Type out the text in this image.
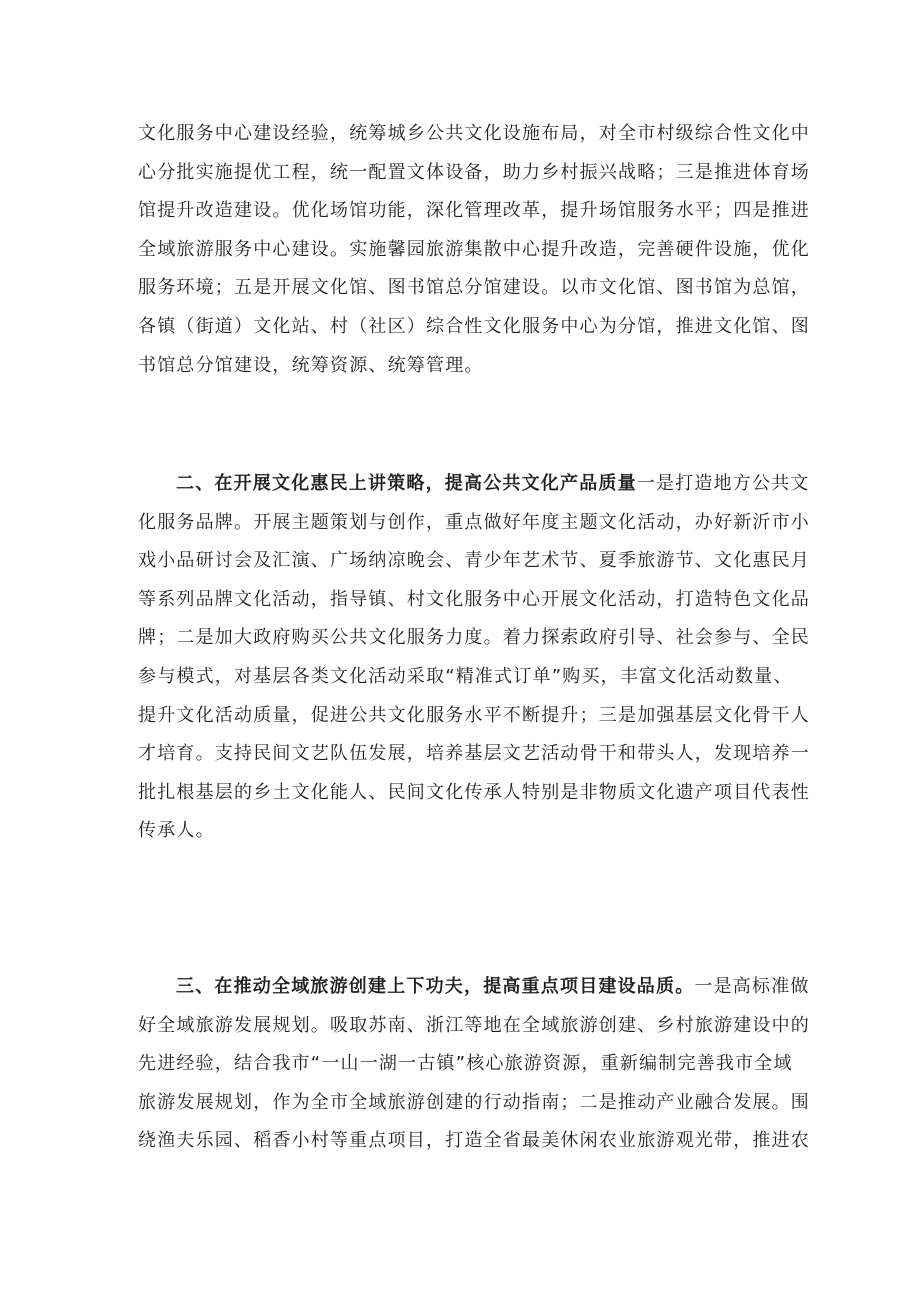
文化服务中心建设经验，统筹城乡公共文化设施布局，对全市村级综合性文化中
心分批实施提优工程，统一配置文体设备，助力乡村振兴战略；三是推进体育场
馆提升改造建设。优化场馆功能，深化管理改革，提升场馆服务水平；四是推进
全域旅游服务中心建设。实施馨园旅游集散中心提升改造，完善硬件设施，优化
服务环境；五是开展文化馆、图书馆总分馆建设。以市文化馆、图书馆为总馆，
各镇（街道）文化站、村（社区）综合性文化服务中心为分馆，推进文化馆、图
书馆总分馆建设，统筹资源、统筹管理。
二、在开展文化惠民上讲策略，提高公共文化产品质量一是打造地方公共文
化服务品牌。开展主题策划与创作，重点做好年度主题文化活动，办好新沂市小
戏小品研讨会及汇演、广场纳凉晚会、青少年艺术节、夏季旅游节、文化惠民月
等系列品牌文化活动，指导镇、村文化服务中心开展文化活动，打造特色文化品
牌；二是加大政府购买公共文化服务力度。着力探索政府引导、社会参与、全民
参与模式，对基层各类文化活动采取“精准式订单”购买，丰富文化活动数量、
提升文化活动质量，促进公共文化服务水平不断提升；三是加强基层文化骨干人
才培育。支持民间文艺队伍发展，培养基层文艺活动骨干和带头人，发现培养一
批扎根基层的乡土文化能人、民间文化传承人特别是非物质文化遗产项目代表性
传承人。
三、在推动全域旅游创建上下功夫，提高重点项目建设品质。一是高标准做
好全域旅游发展规划。吸取苏南、浙江等地在全域旅游创建、乡村旅游建设中的
先进经验，结合我市“一山一湖一古镇”核心旅游资源，重新编制完善我市全域
旅游发展规划，作为全市全域旅游创建的行动指南；二是推动产业融合发展。围
绕渔夫乐园、稻香小村等重点项目，打造全省最美休闲农业旅游观光带，推进农
